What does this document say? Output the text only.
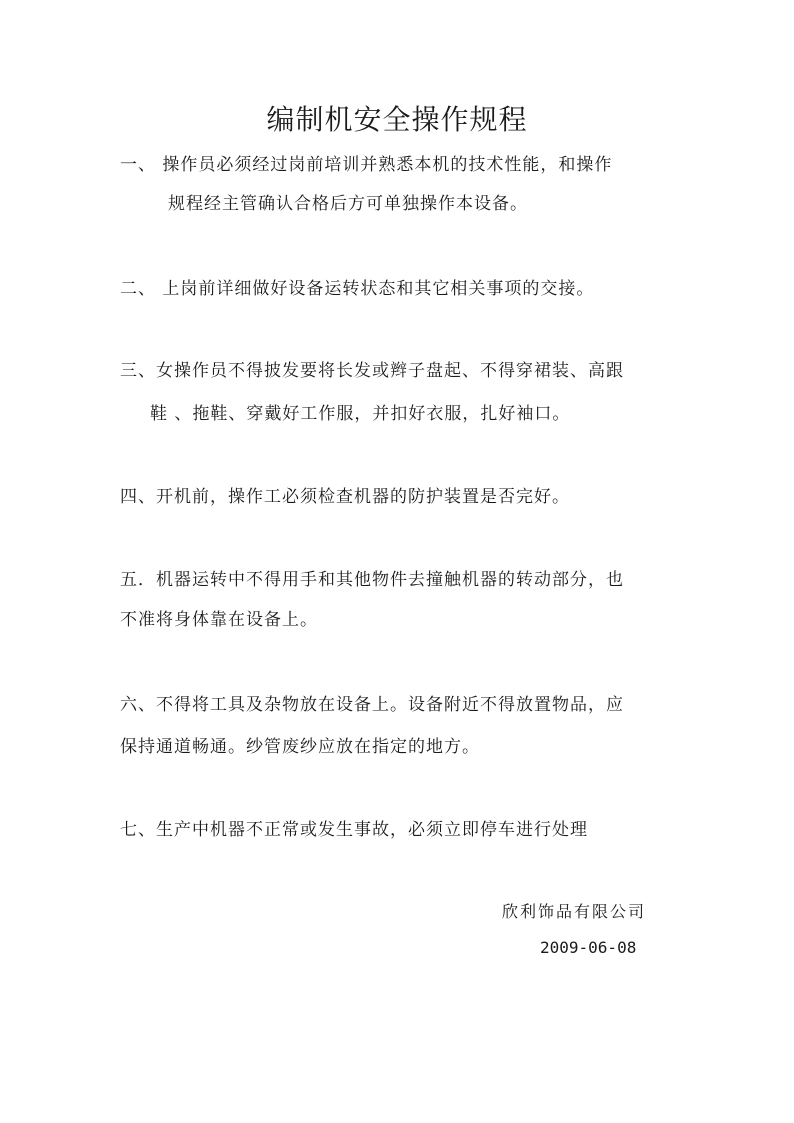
编制机安全操作规程
一、 操作员必须经过岗前培训并熟悉本机的技术性能，和操作
规程经主管确认合格后方可单独操作本设备。
二、 上岗前详细做好设备运转状态和其它相关事项的交接。
三、女操作员不得披发要将长发或辫子盘起、不得穿裙装、高跟
鞋 、拖鞋、穿戴好工作服，并扣好衣服，扎好袖口。
四、开机前，操作工必须检查机器的防护装置是否完好。
五．机器运转中不得用手和其他物件去撞触机器的转动部分，也
不准将身体靠在设备上。
六、不得将工具及杂物放在设备上。设备附近不得放置物品，应
保持通道畅通。纱管废纱应放在指定的地方。
七、生产中机器不正常或发生事故，必须立即停车进行处理
欣利饰品有限公司
2009-06-08
